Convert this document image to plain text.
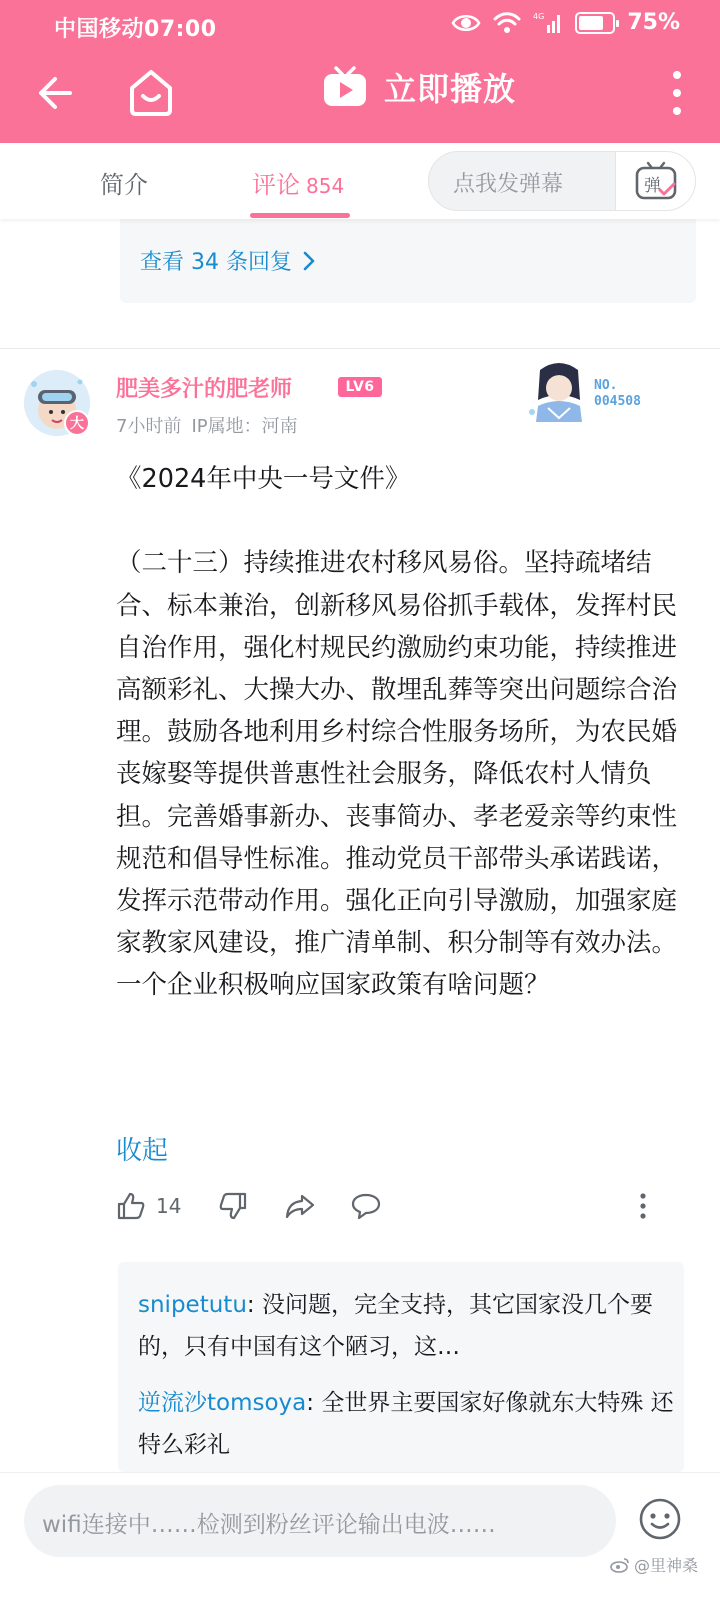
中国移动07:00
4G	75%
立即播放
简介	评论 854	点我发弹幕	弹
查看 34 条回复
大
肥美多汁的肥老师	LV6
7小时前 IP属地：河南
NO.
004508
《2024年中央一号文件》

（二十三）持续推进农村移风易俗。坚持疏堵结合、标本兼治，创新移风易俗抓手载体，发挥村民自治作用，强化村规民约激励约束功能，持续推进高额彩礼、大操大办、散埋乱葬等突出问题综合治理。鼓励各地利用乡村综合性服务场所，为农民婚丧嫁娶等提供普惠性社会服务，降低农村人情负担。完善婚事新办、丧事简办、孝老爱亲等约束性规范和倡导性标准。推动党员干部带头承诺践诺，发挥示范带动作用。强化正向引导激励，加强家庭家教家风建设，推广清单制、积分制等有效办法。
一个企业积极响应国家政策有啥问题？
收起
14
snipetutu: 没问题，完全支持，其它国家没几个要的，只有中国有这个陋习，这…
逆流沙tomsoya: 全世界主要国家好像就东大特殊 还特么彩礼
wifi连接中……检测到粉丝评论输出电波……
@里神桑
